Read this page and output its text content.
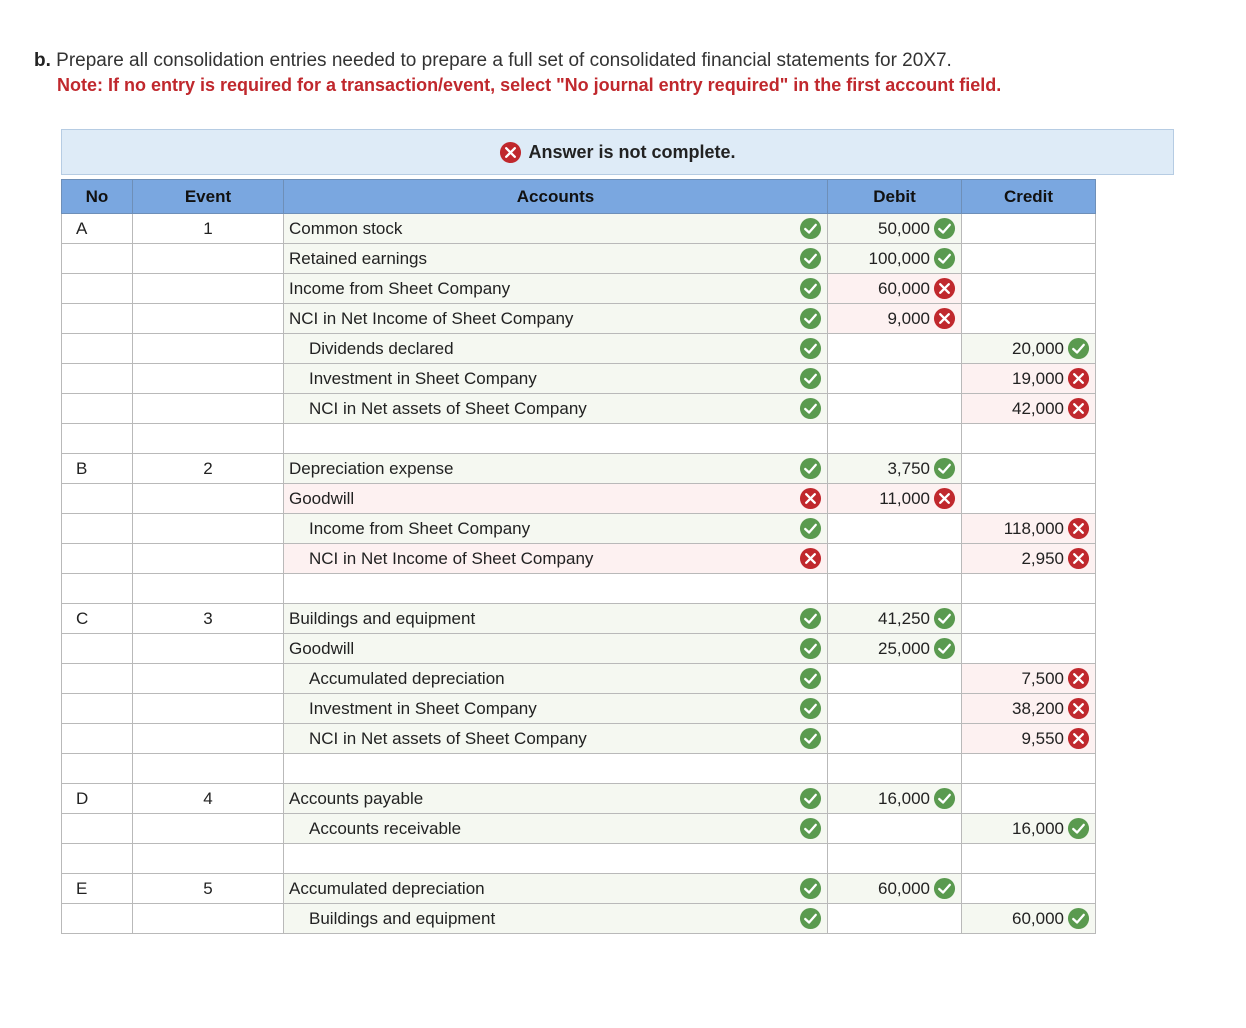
b. Prepare all consolidation entries needed to prepare a full set of consolidated financial statements for 20X7.
Note: If no entry is required for a transaction/event, select "No journal entry required" in the first account field.
Answer is not complete.
No	Event	Accounts	Debit	Credit
A	1	Common stock	50,000	

		Retained earnings	100,000	

		Income from Sheet Company	60,000	

		NCI in Net Income of Sheet Company	9,000	

		Dividends declared		20,000

		Investment in Sheet Company		19,000

		NCI in Net assets of Sheet Company		42,000

B	2	Depreciation expense	3,750	

		Goodwill	11,000	

		Income from Sheet Company		118,000

		NCI in Net Income of Sheet Company		2,950

C	3	Buildings and equipment	41,250	

		Goodwill	25,000	

		Accumulated depreciation		7,500

		Investment in Sheet Company		38,200

		NCI in Net assets of Sheet Company		9,550

D	4	Accounts payable	16,000	

		Accounts receivable		16,000

E	5	Accumulated depreciation	60,000	

		Buildings and equipment		60,000
